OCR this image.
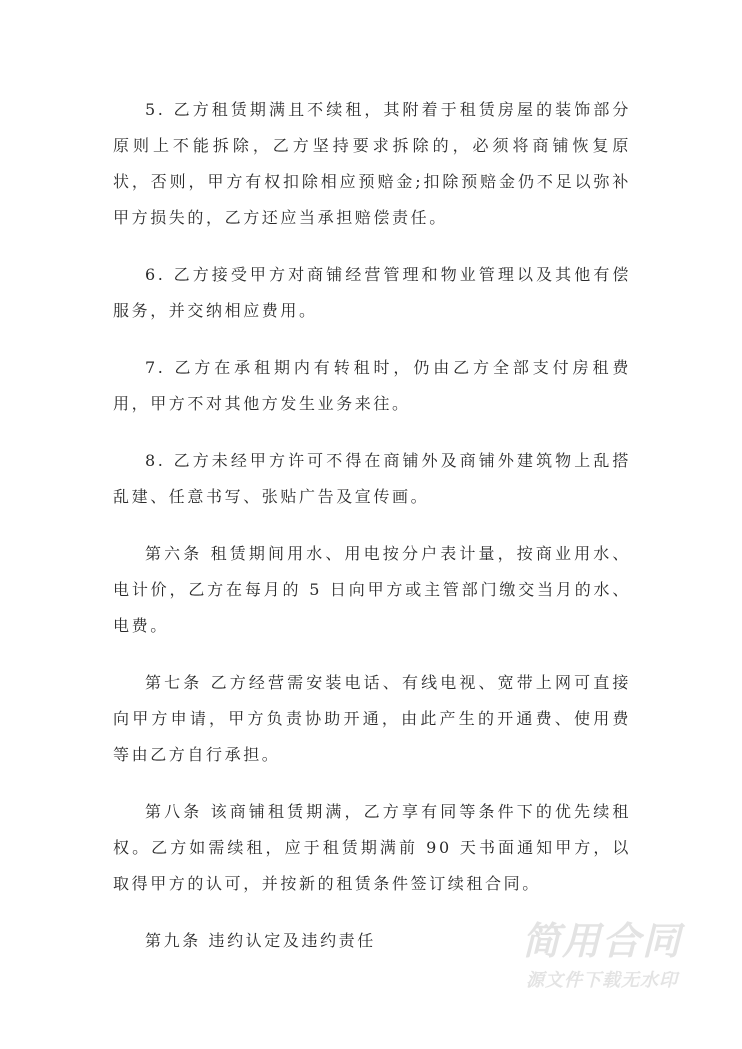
5. 乙方租赁期满且不续租，其附着于租赁房屋的装饰部分原则上不能拆除，乙方坚持要求拆除的，必须将商铺恢复原状，否则，甲方有权扣除相应预赔金;扣除预赔金仍不足以弥补甲方损失的，乙方还应当承担赔偿责任。

6. 乙方接受甲方对商铺经营管理和物业管理以及其他有偿服务，并交纳相应费用。

7. 乙方在承租期内有转租时，仍由乙方全部支付房租费用，甲方不对其他方发生业务来往。

8. 乙方未经甲方许可不得在商铺外及商铺外建筑物上乱搭乱建、任意书写、张贴广告及宣传画。

第六条 租赁期间用水、用电按分户表计量，按商业用水、电计价，乙方在每月的 5 日向甲方或主管部门缴交当月的水、电费。

第七条 乙方经营需安装电话、有线电视、宽带上网可直接向甲方申请，甲方负责协助开通，由此产生的开通费、使用费等由乙方自行承担。

第八条 该商铺租赁期满，乙方享有同等条件下的优先续租权。乙方如需续租，应于租赁期满前 90 天书面通知甲方，以取得甲方的认可，并按新的租赁条件签订续租合同。

第九条 违约认定及违约责任	简用合同
源文件下载无水印
